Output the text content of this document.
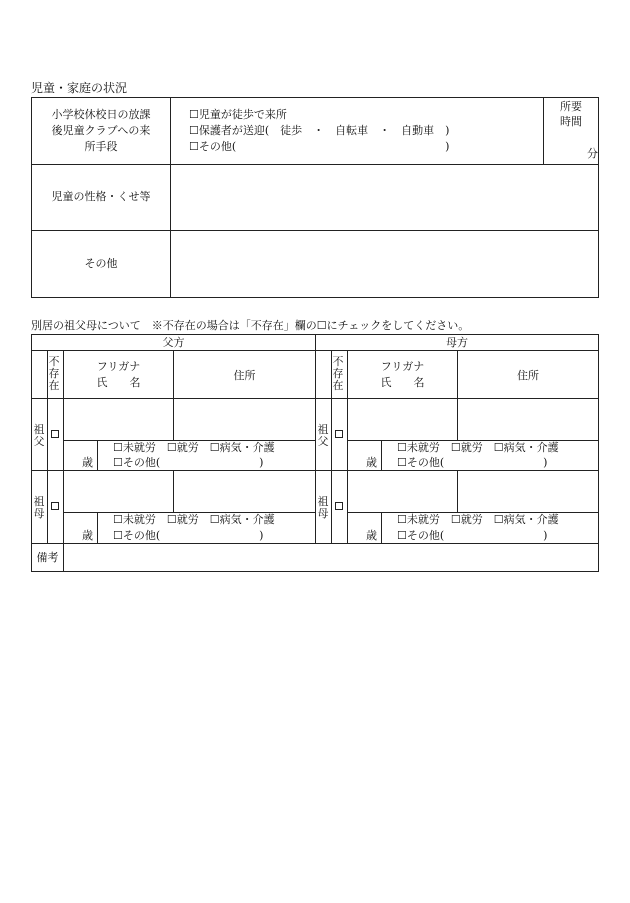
児童・家庭の状況
小学校休校日の放課
後児童クラブへの来
所手段
☐児童が徒歩で来所
☐保護者が送迎(　徒歩　・　自転車　・　自動車　)
☐その他(　　　　　　　　　　　　　　　　　　　)
所要
時間
分
児童の性格・くせ等
その他
別居の祖父母について　※不存在の場合は「不存在」欄の☐にチェックをしてください。
父方	母方
不存在
フリガナ
氏　　名
住所
不存在
フリガナ
氏　　名
住所
祖父
歳
☐未就労　☐就労　☐病気・介護
☐その他(　　　　　　　　　)
祖母
歳
☐未就労　☐就労　☐病気・介護
☐その他(　　　　　　　　　)
祖父
歳
☐未就労　☐就労　☐病気・介護
☐その他(　　　　　　　　　)
祖母
歳
☐未就労　☐就労　☐病気・介護
☐その他(　　　　　　　　　)
備考
